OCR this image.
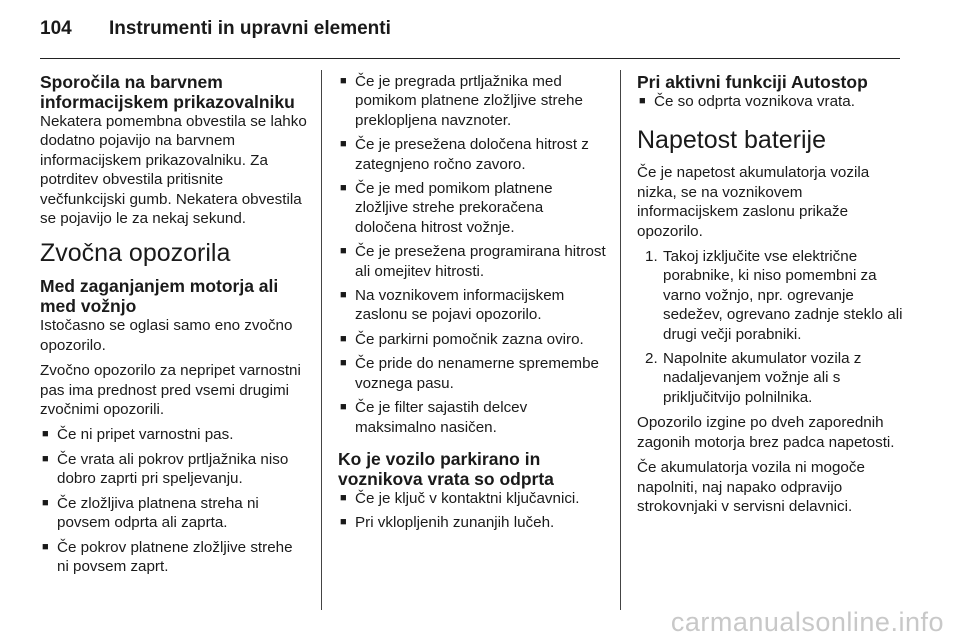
104 Instrumenti in upravni elementi
Sporočila na barvnem informacijskem prikazovalniku

Nekatera pomembna obvestila se lahko dodatno pojavijo na barvnem informacijskem prikazovalniku. Za potrditev obvestila pritisnite večfunkcijski gumb. Nekatera obvestila se pojavijo le za nekaj sekund.

Zvočna opozorila
Med zaganjanjem motorja ali med vožnjo

Istočasno se oglasi samo eno zvočno opozorilo.

Zvočno opozorilo za nepripet varnostni pas ima prednost pred vsemi drugimi zvočnimi opozorili.

■ Če ni pripet varnostni pas.
■ Če vrata ali pokrov prtljažnika niso dobro zaprti pri speljevanju.
■ Če zložljiva platnena streha ni povsem odprta ali zaprta.
■ Če pokrov platnene zložljive strehe ni povsem zaprt.
■ Če je pregrada prtljažnika med pomikom platnene zložljive strehe preklopljena navznoter.
■ Če je presežena določena hitrost z zategnjeno ročno zavoro.
■ Če je med pomikom platnene zložljive strehe prekoračena določena hitrost vožnje.
■ Če je presežena programirana hitrost ali omejitev hitrosti.
■ Na voznikovem informacijskem zaslonu se pojavi opozorilo.
■ Če parkirni pomočnik zazna oviro.
■ Če pride do nenamerne spremembe voznega pasu.
■ Če je filter sajastih delcev maksimalno nasičen.
Ko je vozilo parkirano in voznikova vrata so odprta
■ Če je ključ v kontaktni ključavnici.
■ Pri vklopljenih zunanjih lučeh.
Pri aktivni funkciji Autostop
■ Če so odprta voznikova vrata.
Napetost baterije

Če je napetost akumulatorja vozila nizka, se na voznikovem informacijskem zaslonu prikaže opozorilo.

1. Takoj izključite vse električne porabnike, ki niso pomembni za varno vožnjo, npr. ogrevanje sedežev, ogrevano zadnje steklo ali drugi večji porabniki.
2. Napolnite akumulator vozila z nadaljevanjem vožnje ali s priključitvijo polnilnika.

Opozorilo izgine po dveh zaporednih zagonih motorja brez padca napetosti.

Če akumulatorja vozila ni mogoče napolniti, naj napako odpravijo strokovnjaki v servisni delavnici.

carmanualsonline.info
